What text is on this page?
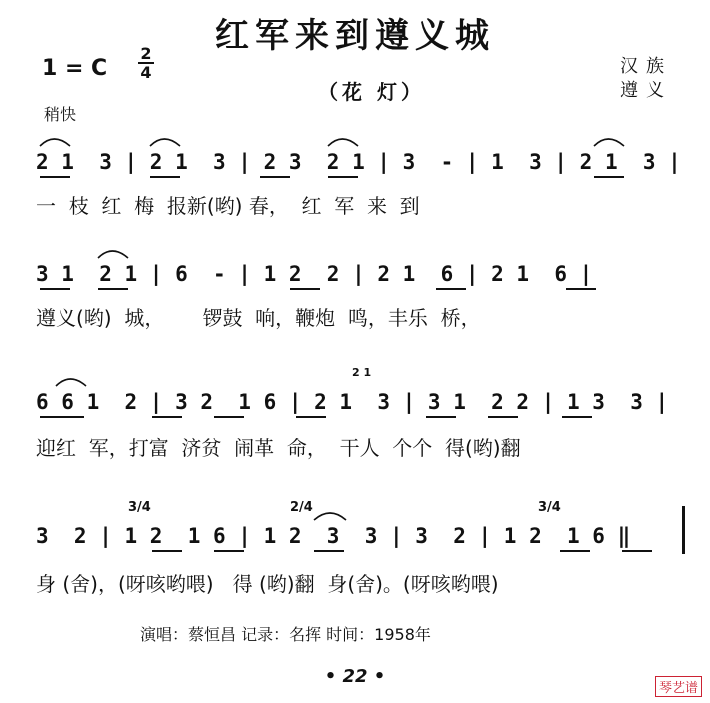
红军来到遵义城
1 = C
2
4
（花 灯）
汉族
遵义
稍快
2 1  3 | 2 1  3 | 2 3  2 1 | 3  - | 1  3 | 2 1  3 |
一  枝  红  梅  报新(哟) 春，  红  军  来  到
3 1  2 1 | 6  - | 1 2  2 | 2 1  6 | 2 1  6 |
遵义(哟)  城，      锣鼓  响，鞭炮  鸣，丰乐  桥，
6 6 1  2 | 3 2  1 6 | 2 1  3 | 3 1  2 2 | 1 3  3 |
迎红  军，打富  济贫  闹革  命，  干人  个个  得(哟)翻
3  2 | 1 2  1 6 | 1 2  3  3 | 3  2 | 1 2  1 6 ‖
身 (舍)，(呀咳哟喂)   得 (哟)翻  身(舍)。(呀咳哟喂)
3/4	2/4	3/4
2 1
演唱：蔡恒昌 记录：名挥 时间：1958年
• 22 •
琴艺谱
